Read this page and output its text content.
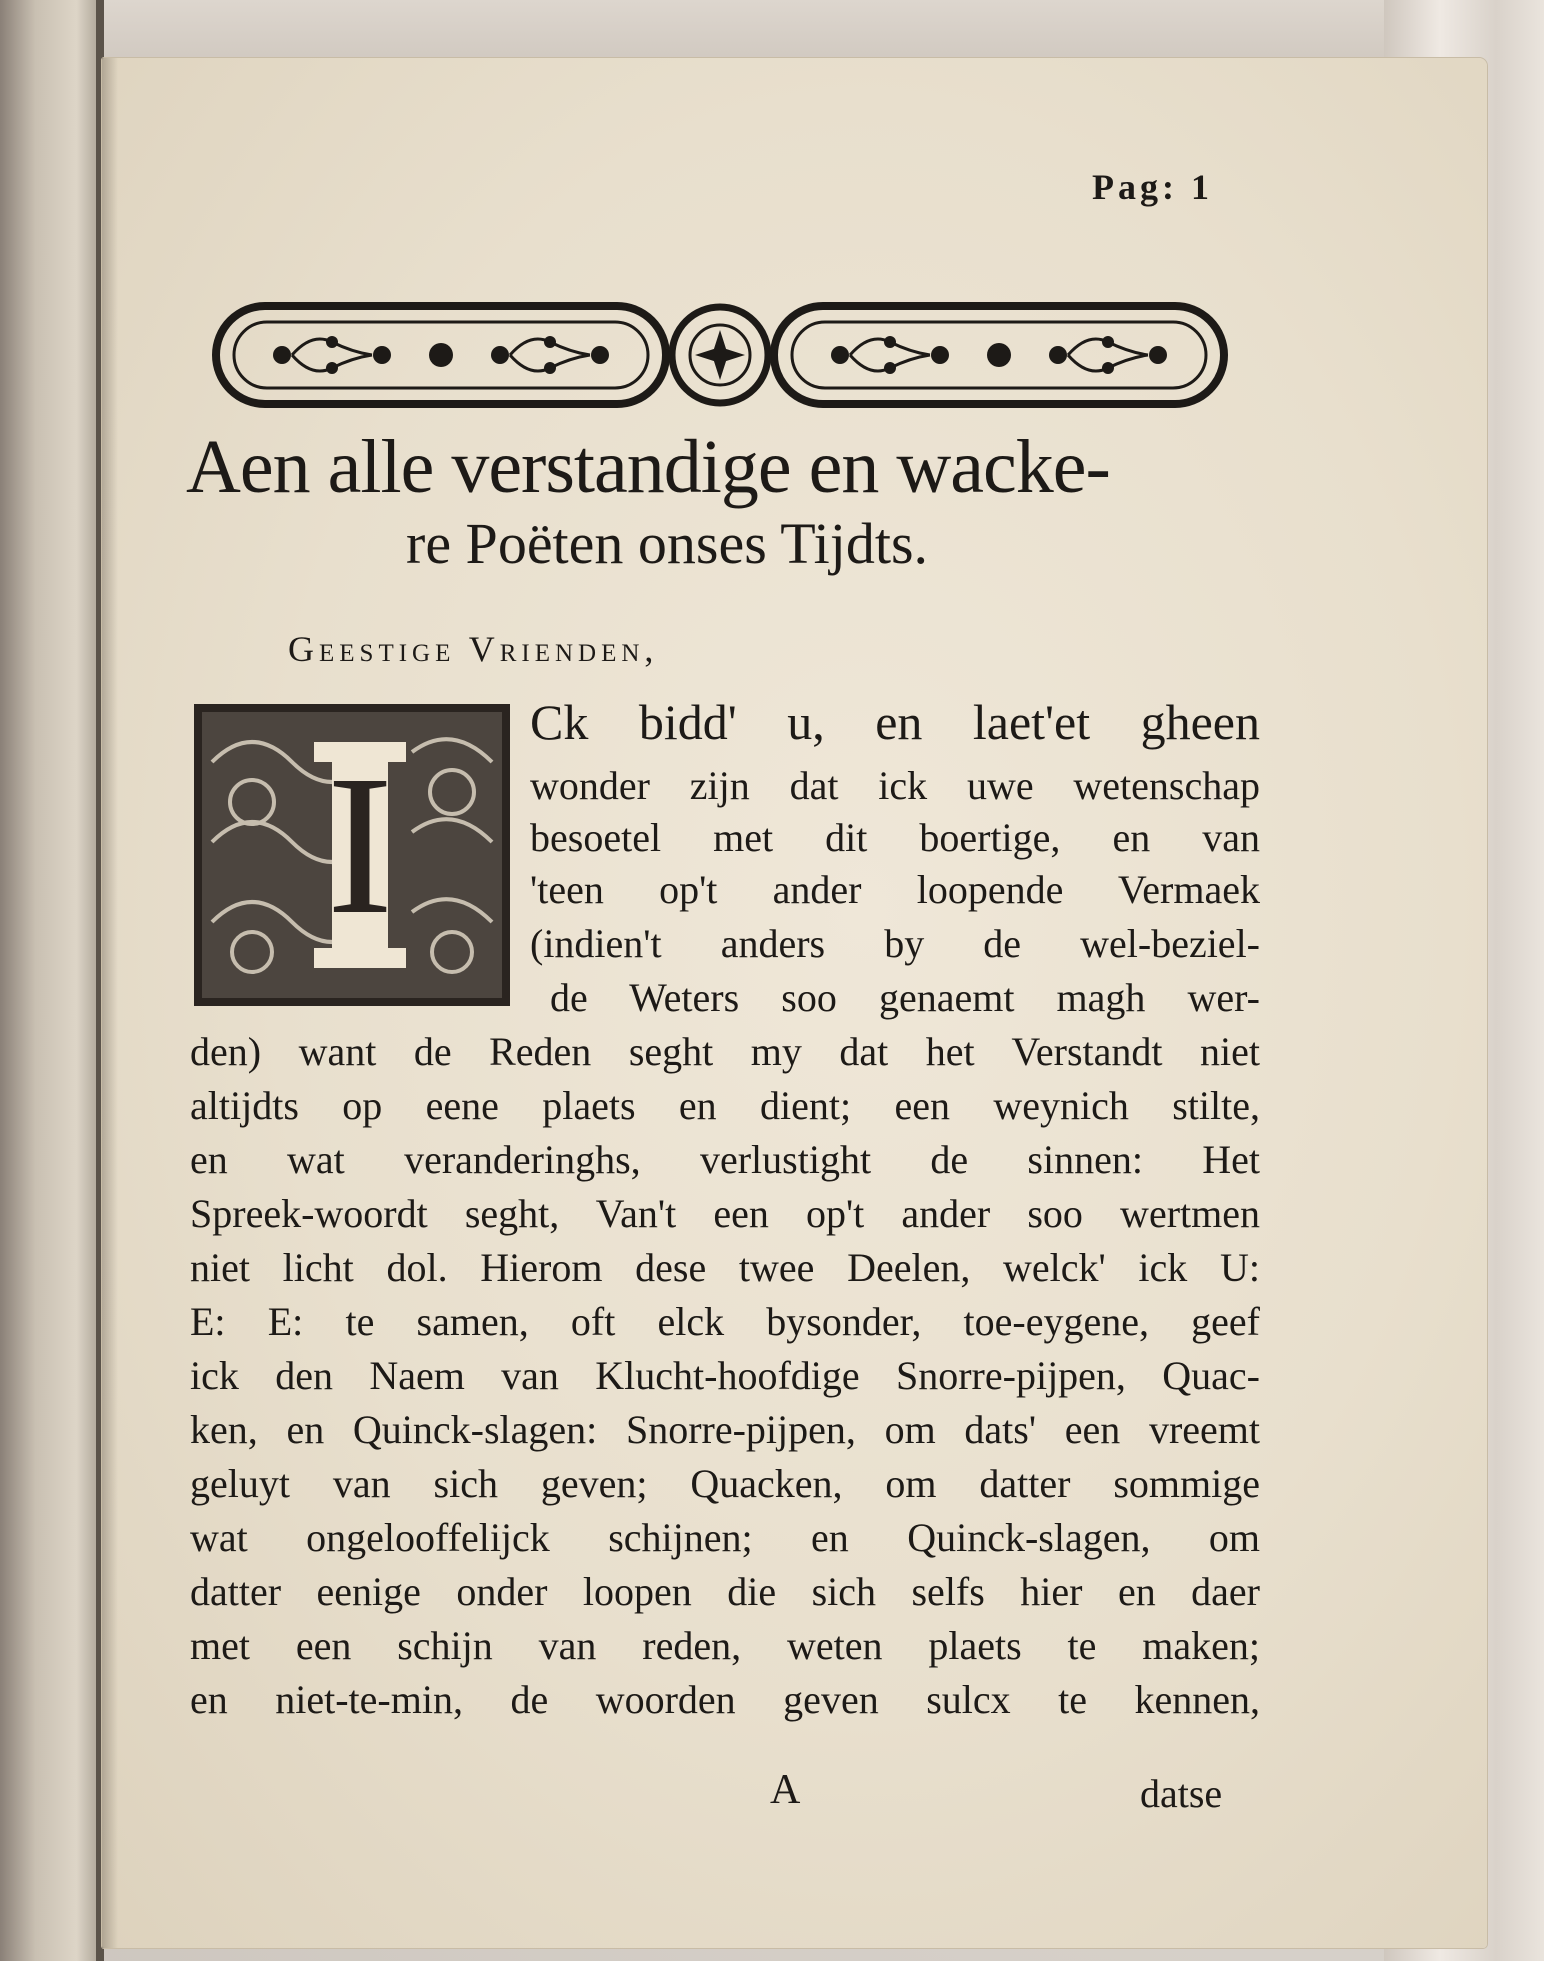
Pag: 1
Aen alle verstandige en wacke-
re Poëten onses Tijdts.
Geestige Vrienden,
I
Ck bidd' u, en laet'et gheen
wonder zijn dat ick uwe wetenschap
besoetel met dit boertige, en van
'teen op't ander loopende Vermaek
(indien't anders by de wel-beziel-
de Weters soo genaemt magh wer-
den) want de Reden seght my dat het Verstandt niet
altijdts op eene plaets en dient; een weynich stilte,
en wat veranderinghs, verlustight de sinnen: Het
Spreek-woordt seght, Van't een op't ander soo wertmen
niet licht dol. Hierom dese twee Deelen, welck' ick U:
E: E: te samen, oft elck bysonder, toe-eygene, geef
ick den Naem van Klucht-hoofdige Snorre-pijpen, Quac-
ken, en Quinck-slagen: Snorre-pijpen, om dats' een vreemt
geluyt van sich geven; Quacken, om datter sommige
wat ongelooffelijck schijnen; en Quinck-slagen, om
datter eenige onder loopen die sich selfs hier en daer
met een schijn van reden, weten plaets te maken;
en niet-te-min, de woorden geven sulcx te kennen,
A	datse
